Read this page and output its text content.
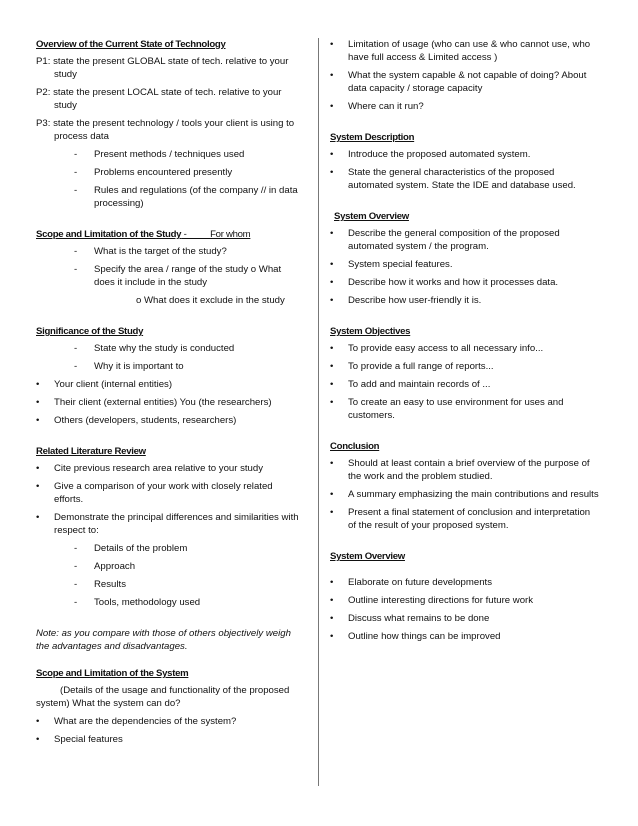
Overview of the Current State of Technology
P1: state the present GLOBAL state of tech. relative to your study
P2: state the present LOCAL state of tech. relative to your study
P3: state the present technology / tools your client is using to process data
- Present methods / techniques used
- Problems encountered presently
- Rules and regulations (of the company // in data processing)
Scope and Limitation of the Study -          For whom
- What is the target of the study?
- Specify the area / range of the study o What does it include in the study
o What does it exclude in the study
Significance of the Study
- State why the study is conducted
- Why it is important to
• Your client (internal entities)
• Their client (external entities) You (the researchers)
• Others (developers, students, researchers)
Related Literature Review
• Cite previous research area relative to your study
• Give a comparison of your work with closely related efforts.
• Demonstrate the principal differences and similarities with respect to:
- Details of the problem
- Approach
- Results
- Tools, methodology used
Note: as you compare with those of others objectively weigh the advantages and disadvantages.
Scope and Limitation of the System
(Details of the usage and functionality of the proposed system) What the system can do?
• What are the dependencies of the system?
• Special features
• Limitation of usage (who can use & who cannot use, who have full access & Limited access )
• What the system capable & not capable of doing? About data capacity / storage capacity
• Where can it run?
System Description
• Introduce the proposed automated system.
• State the general characteristics of the proposed automated system. State the IDE and database used.
System Overview
• Describe the general composition of the proposed automated system / the program.
• System special features.
• Describe how it works and how it processes data.
• Describe how user-friendly it is.
System Objectives
• To provide easy access to all necessary info...
• To provide a full range of reports...
• To add and maintain records of ...
• To create an easy to use environment for uses and customers.
Conclusion
• Should at least contain a brief overview of the purpose of the work and the problem studied.
• A summary emphasizing the main contributions and results
• Present a final statement of conclusion and interpretation of the result of your proposed system.
System Overview
• Elaborate on future developments
• Outline interesting directions for future work
• Discuss what remains to be done
• Outline how things can be improved
